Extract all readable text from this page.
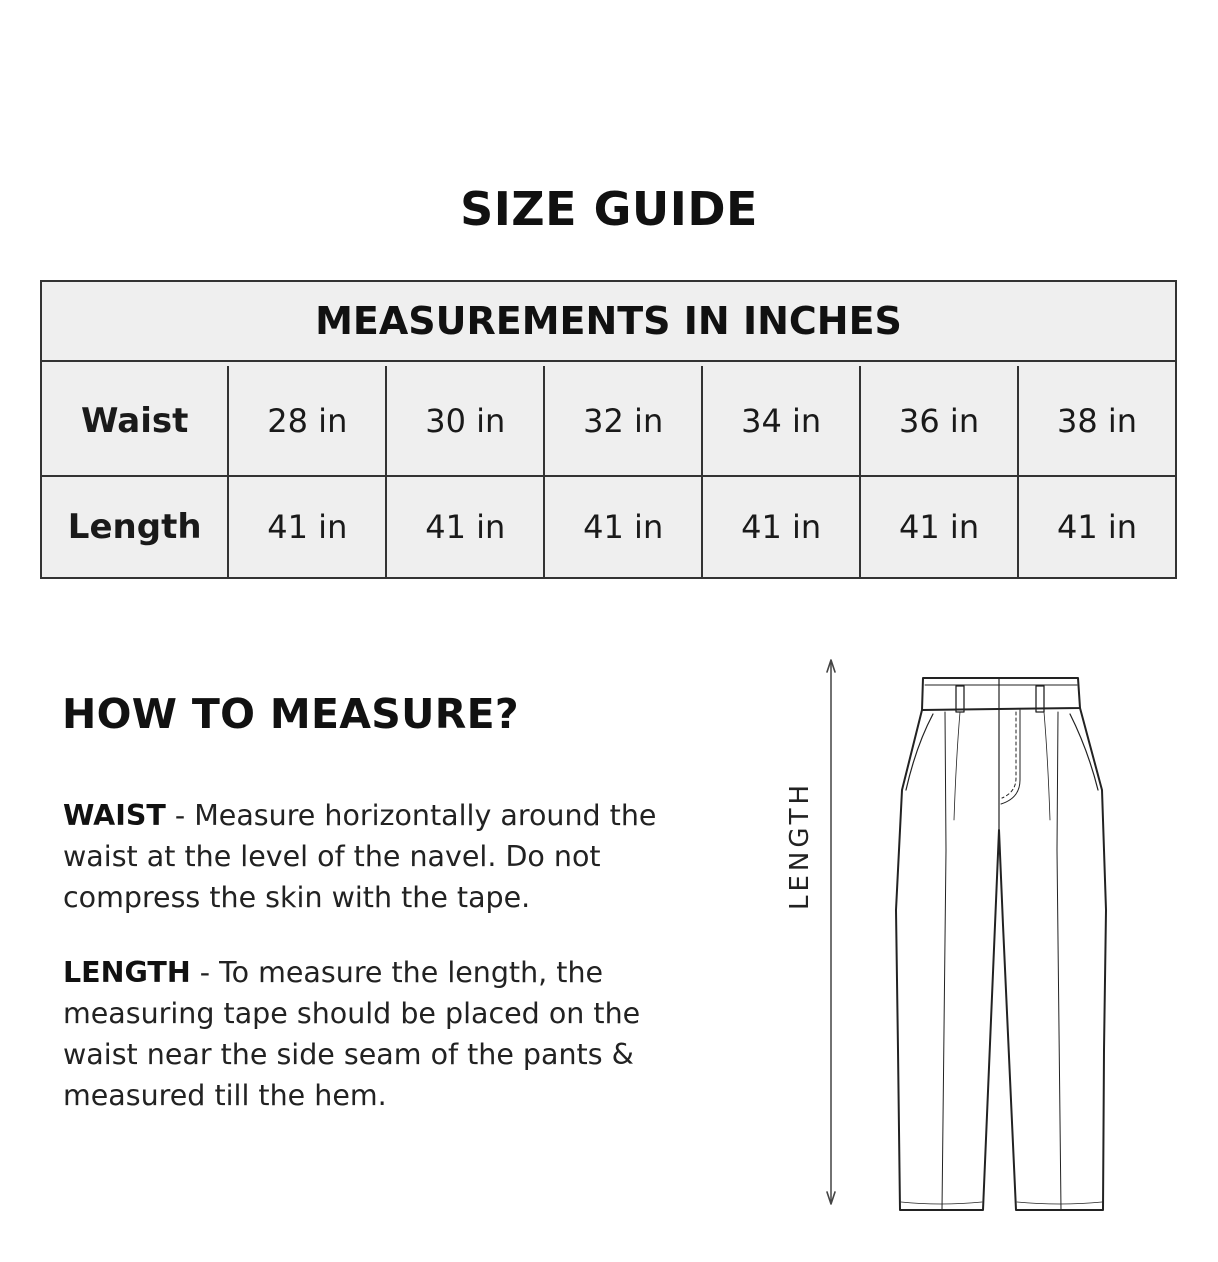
SIZE GUIDE
MEASUREMENTS IN INCHES
Waist	28 in	30 in	32 in	34 in	36 in	38 in
Length	41 in	41 in	41 in	41 in	41 in	41 in
HOW TO MEASURE?
WAIST - Measure horizontally around the waist at the level of the navel. Do not compress the skin with the tape.
LENGTH - To measure the length, the measuring tape should be placed on the waist near the side seam of the pants & measured till the hem.
LENGTH
